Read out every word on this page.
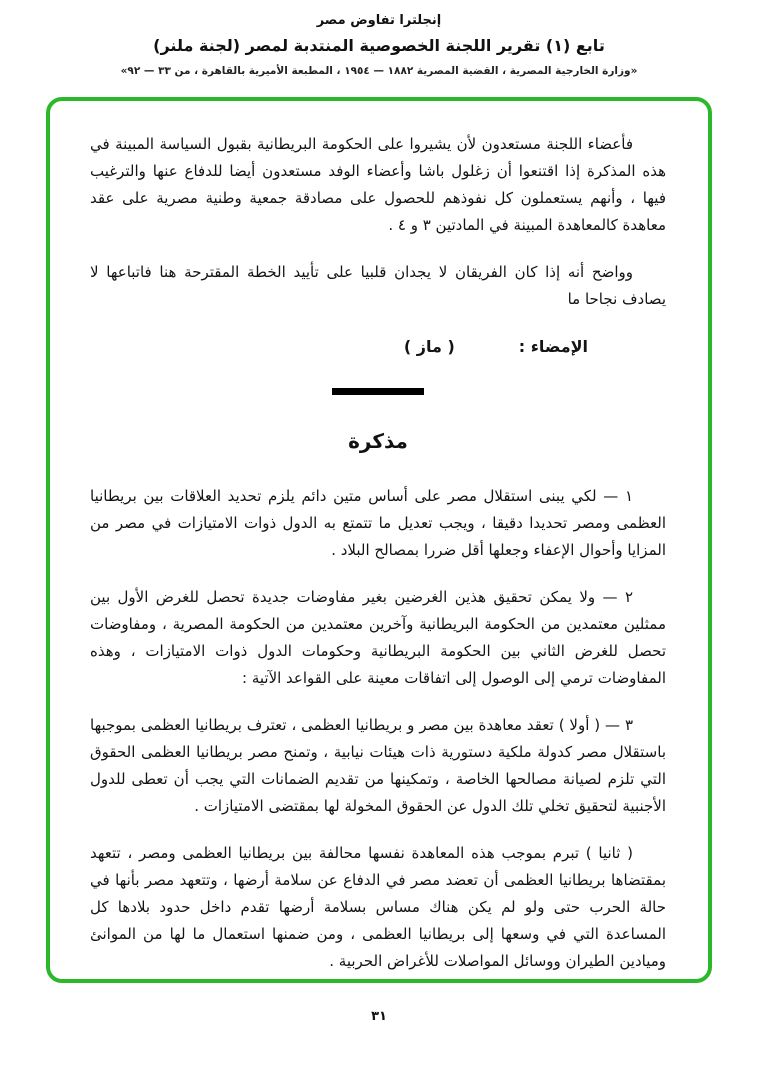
إنجلترا تفاوض مصر
تابع (١) تقرير اللجنة الخصوصية المنتدبة لمصر (لجنة ملنر)
«وزارة الخارجية المصرية ، القضية المصرية ١٨٨٢ — ١٩٥٤ ، المطبعة الأميرية بالقاهرة ، من ٣٣ — ٩٢»

فأعضاء اللجنة مستعدون لأن يشيروا على الحكومة البريطانية بقبول السياسة المبينة في هذه المذكرة إذا اقتنعوا أن زغلول باشا وأعضاء الوفد مستعدون أيضا للدفاع عنها والترغيب فيها ، وأنهم يستعملون كل نفوذهم للحصول على مصادقة جمعية وطنية مصرية على عقد معاهدة كالمعاهدة المبينة في المادتين ٣ و ٤ .

وواضح أنه إذا كان الفريقان لا يجدان قلبيا على تأييد الخطة المقترحة هنا فاتباعها لا يصادف نجاحا ما

الإمضاء :
( ماز )
مذكرة

١ — لكي يبنى استقلال مصر على أساس متين دائم يلزم تحديد العلاقات بين بريطانيا العظمى ومصر تحديدا دقيقا ، ويجب تعديل ما تتمتع به الدول ذوات الامتيازات في مصر من المزايا وأحوال الإعفاء وجعلها أقل ضررا بمصالح البلاد .

٢ — ولا يمكن تحقيق هذين الغرضين بغير مفاوضات جديدة تحصل للغرض الأول بين ممثلين معتمدين من الحكومة البريطانية وآخرين معتمدين من الحكومة المصرية ، ومفاوضات تحصل للغرض الثاني بين الحكومة البريطانية وحكومات الدول ذوات الامتيازات ، وهذه المفاوضات ترمي إلى الوصول إلى اتفاقات معينة على القواعد الآتية :

٣ — ( أولا ) تعقد معاهدة بين مصر و بريطانيا العظمى ، تعترف بريطانيا العظمى بموجبها باستقلال مصر كدولة ملكية دستورية ذات هيئات نيابية ، وتمنح مصر بريطانيا العظمى الحقوق التي تلزم لصيانة مصالحها الخاصة ، وتمكينها من تقديم الضمانات التي يجب أن تعطى للدول الأجنبية لتحقيق تخلي تلك الدول عن الحقوق المخولة لها بمقتضى الامتيازات .

( ثانيا ) تبرم بموجب هذه المعاهدة نفسها محالفة بين بريطانيا العظمى ومصر ، تتعهد بمقتضاها بريطانيا العظمى أن تعضد مصر في الدفاع عن سلامة أرضها ، وتتعهد مصر بأنها في حالة الحرب حتى ولو لم يكن هناك مساس بسلامة أرضها تقدم داخل حدود بلادها كل المساعدة التي في وسعها إلى بريطانيا العظمى ، ومن ضمنها استعمال ما لها من الموانئ وميادين الطيران ووسائل المواصلات للأغراض الحربية .

٣١
